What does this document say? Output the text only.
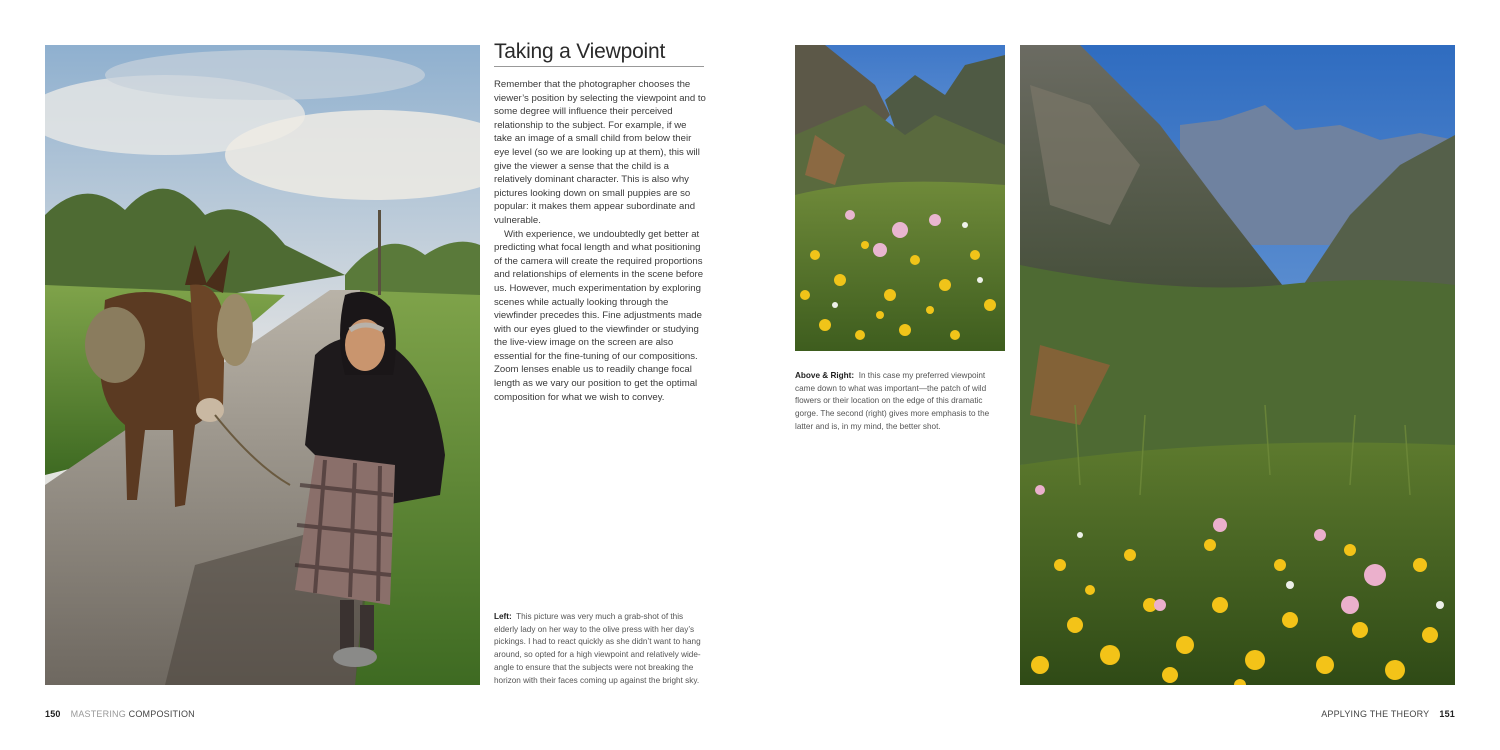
Taking a Viewpoint

Remember that the photographer chooses the viewer’s position by selecting the viewpoint and to some degree will influence their perceived relationship to the subject. For example, if we take an image of a small child from below their eye level (so we are looking up at them), this will give the viewer a sense that the child is a relatively dominant character. This is also why pictures looking down on small puppies are so popular: it makes them appear subordinate and vulnerable.

With experience, we undoubtedly get better at predicting what focal length and what positioning of the camera will create the required proportions and relationships of elements in the scene before us. However, much experimentation by exploring scenes while actually looking through the viewfinder precedes this. Fine adjustments made with our eyes glued to the viewfinder or studying the live-view image on the screen are also essential for the fine-tuning of our compositions. Zoom lenses enable us to readily change focal length as we vary our position to get the optimal composition for what we wish to convey.

Left: This picture was very much a grab-shot of this elderly lady on her way to the olive press with her day’s pickings. I had to react quickly as she didn’t want to hang around, so opted for a high viewpoint and relatively wide-angle to ensure that the subjects were not breaking the horizon with their faces coming up against the bright sky.
Above & Right: In this case my preferred viewpoint came down to what was important—the patch of wild flowers or their location on the edge of this dramatic gorge. The second (right) gives more emphasis to the latter and is, in my mind, the better shot.
150 MASTERING COMPOSITION	APPLYING THE THEORY 151
